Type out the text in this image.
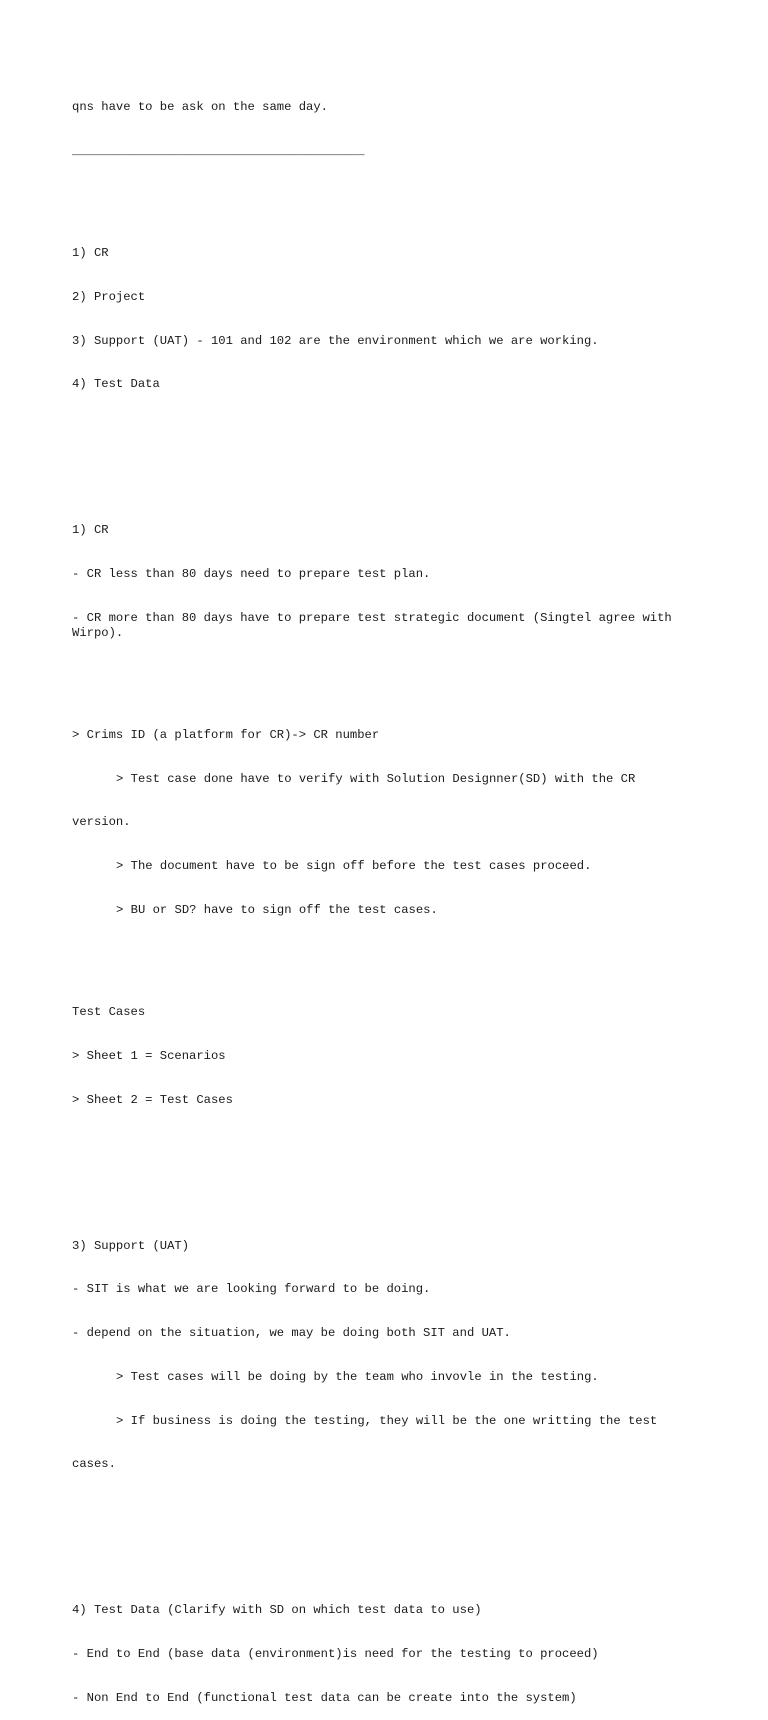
qns have to be ask on the same day.

________________________________________

1) CR

2) Project

3) Support (UAT) - 101 and 102 are the environment which we are working.

4) Test Data

1) CR

- CR less than 80 days need to prepare test plan.

- CR more than 80 days have to prepare test strategic document (Singtel agree with Wirpo).

> Crims ID (a platform for CR)-> CR number

> Test case done have to verify with Solution Designner(SD) with the CR

version.

> The document have to be sign off before the test cases proceed.

> BU or SD? have to sign off the test cases.

Test Cases

> Sheet 1 = Scenarios

> Sheet 2 = Test Cases

3) Support (UAT)

- SIT is what we are looking forward to be doing.

- depend on the situation, we may be doing both SIT and UAT.

> Test cases will be doing by the team who invovle in the testing.

> If business is doing the testing, they will be the one writting the test

cases.

4) Test Data (Clarify with SD on which test data to use)

- End to End (base data (environment)is need for the testing to proceed)

- Non End to End (functional test data can be create into the system)
